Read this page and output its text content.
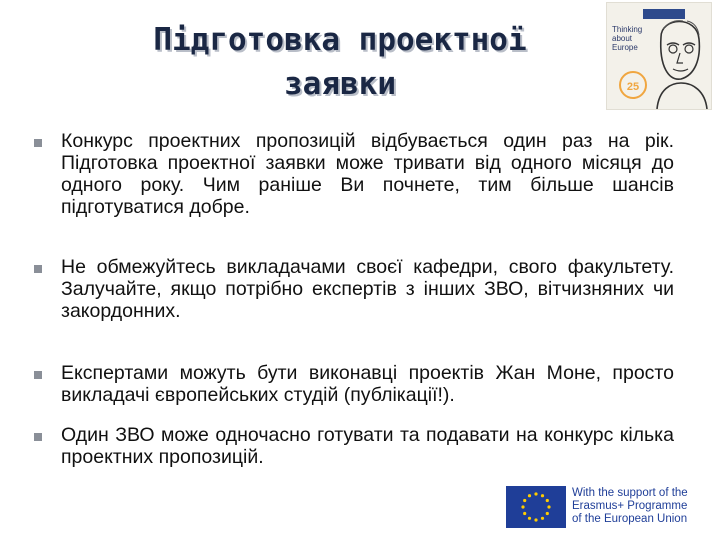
Підготовка проектної
заявки
Thinking
about
Europe
25
Конкурс проектних пропозицій відбувається один раз на рік. Підготовка проектної заявки може тривати від одного місяця до одного року. Чим раніше Ви почнете, тим більше шансів підготуватися добре.
Не обмежуйтесь викладачами своєї кафедри, свого факультету. Залучайте, якщо потрібно експертів з інших ЗВО, вітчизняних чи закордонних.
Експертами можуть бути виконавці проектів Жан Моне, просто викладачі європейських студій (публікації!).
Один ЗВО може одночасно готувати та подавати на конкурс кілька проектних пропозицій.
With the support of the
Erasmus+ Programme
of the European Union
